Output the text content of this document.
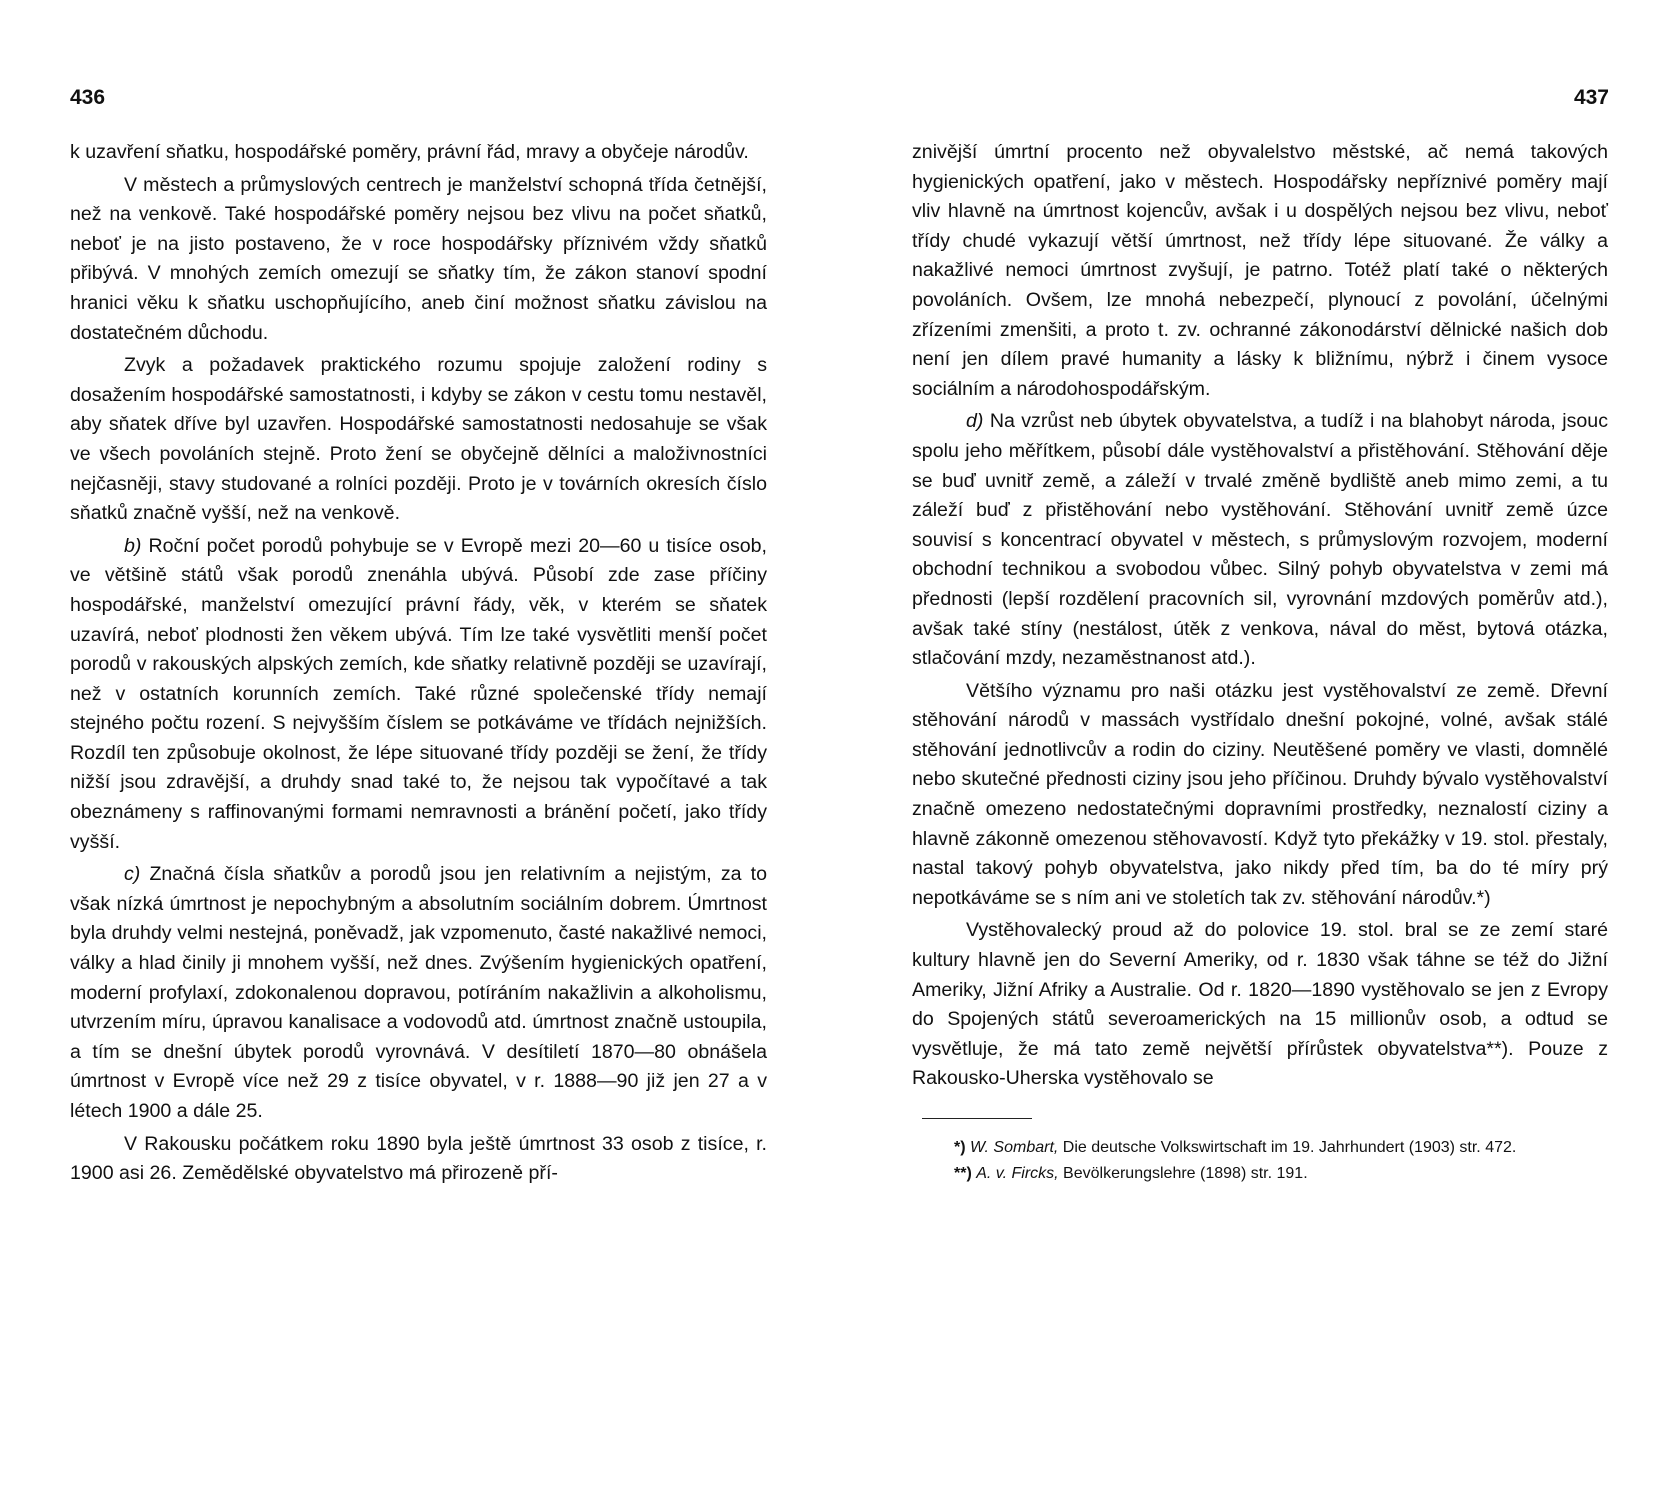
436

k uzavření sňatku, hospodářské poměry, právní řád, mravy a obyčeje národův.

V městech a průmyslových centrech je manželství schopná třída četnější, než na venkově. Také hospodářské poměry nejsou bez vlivu na počet sňatků, neboť je na jisto postaveno, že v roce hospodářsky příznivém vždy sňatků přibývá. V mnohých zemích omezují se sňatky tím, že zákon stanoví spodní hranici věku k sňatku uschopňujícího, aneb činí možnost sňatku závislou na dostatečném důchodu.

Zvyk a požadavek praktického rozumu spojuje založení rodiny s dosažením hospodářské samostatnosti, i kdyby se zákon v cestu tomu nestavěl, aby sňatek dříve byl uzavřen. Hospodářské samostatnosti nedosahuje se však ve všech povoláních stejně. Proto žení se obyčejně dělníci a maloživnostníci nejčasněji, stavy studované a rolníci později. Proto je v továrních okresích číslo sňatků značně vyšší, než na venkově.

b) Roční počet porodů pohybuje se v Evropě mezi 20—60 u tisíce osob, ve většině států však porodů znenáhla ubývá. Působí zde zase příčiny hospodářské, manželství omezující právní řády, věk, v kterém se sňatek uzavírá, neboť plodnosti žen věkem ubývá. Tím lze také vysvětliti menší počet porodů v rakouských alpských zemích, kde sňatky relativně později se uzavírají, než v ostatních korunních zemích. Také různé společenské třídy nemají stejného počtu rození. S nejvyšším číslem se potkáváme ve třídách nejnižších. Rozdíl ten způsobuje okolnost, že lépe situované třídy později se žení, že třídy nižší jsou zdravější, a druhdy snad také to, že nejsou tak vypočítavé a tak obeznámeny s raffinovanými formami nemravnosti a bránění početí, jako třídy vyšší.

c) Značná čísla sňatkův a porodů jsou jen relativním a nejistým, za to však nízká úmrtnost je nepochybným a absolutním sociálním dobrem. Úmrtnost byla druhdy velmi nestejná, poněvadž, jak vzpomenuto, časté nakažlivé nemoci, války a hlad činily ji mnohem vyšší, než dnes. Zvýšením hygienických opatření, moderní profylaxí, zdokonalenou dopravou, potíráním nakažlivin a alkoholismu, utvrzením míru, úpravou kanalisace a vodovodů atd. úmrtnost značně ustoupila, a tím se dnešní úbytek porodů vyrovnává. V desítiletí 1870—80 obnášela úmrtnost v Evropě více než 29 z tisíce obyvatel, v r. 1888—90 již jen 27 a v létech 1900 a dále 25.

V Rakousku počátkem roku 1890 byla ještě úmrtnost 33 osob z tisíce, r. 1900 asi 26. Zemědělské obyvatelstvo má přirozeně pří-

437

znivější úmrtní procento než obyvalelstvo městské, ač nemá takových hygienických opatření, jako v městech. Hospodářsky nepříznivé poměry mají vliv hlavně na úmrtnost kojencův, avšak i u dospělých nejsou bez vlivu, neboť třídy chudé vykazují větší úmrtnost, než třídy lépe situované. Že války a nakažlivé nemoci úmrtnost zvyšují, je patrno. Totéž platí také o některých povoláních. Ovšem, lze mnohá nebezpečí, plynoucí z povolání, účelnými zřízeními zmenšiti, a proto t. zv. ochranné zákonodárství dělnické našich dob není jen dílem pravé humanity a lásky k bližnímu, nýbrž i činem vysoce sociálním a národohospodářským.

d) Na vzrůst neb úbytek obyvatelstva, a tudíž i na blahobyt národa, jsouc spolu jeho měřítkem, působí dále vystěhovalství a přistěhování. Stěhování děje se buď uvnitř země, a záleží v trvalé změně bydliště aneb mimo zemi, a tu záleží buď z přistěhování nebo vystěhování. Stěhování uvnitř země úzce souvisí s koncentrací obyvatel v městech, s průmyslovým rozvojem, moderní obchodní technikou a svobodou vůbec. Silný pohyb obyvatelstva v zemi má přednosti (lepší rozdělení pracovních sil, vyrovnání mzdových poměrův atd.), avšak také stíny (nestálost, útěk z venkova, nával do měst, bytová otázka, stlačování mzdy, nezaměstnanost atd.).

Většího významu pro naši otázku jest vystěhovalství ze země. Dřevní stěhování národů v massách vystřídalo dnešní pokojné, volné, avšak stálé stěhování jednotlivcův a rodin do ciziny. Neutěšené poměry ve vlasti, domnělé nebo skutečné přednosti ciziny jsou jeho příčinou. Druhdy bývalo vystěhovalství značně omezeno nedostatečnými dopravními prostředky, neznalostí ciziny a hlavně zákonně omezenou stěhovavostí. Když tyto překážky v 19. stol. přestaly, nastal takový pohyb obyvatelstva, jako nikdy před tím, ba do té míry prý nepotkáváme se s ním ani ve stoletích tak zv. stěhování národův.*)

Vystěhovalecký proud až do polovice 19. stol. bral se ze zemí staré kultury hlavně jen do Severní Ameriky, od r. 1830 však táhne se též do Jižní Ameriky, Jižní Afriky a Australie. Od r. 1820—1890 vystěhovalo se jen z Evropy do Spojených států severoamerických na 15 millionův osob, a odtud se vysvětluje, že má tato země největší přírůstek obyvatelstva**). Pouze z Rakousko-Uherska vystěhovalo se

*) W. Sombart, Die deutsche Volkswirtschaft im 19. Jahrhundert (1903) str. 472.

**) A. v. Fircks, Bevölkerungslehre (1898) str. 191.
